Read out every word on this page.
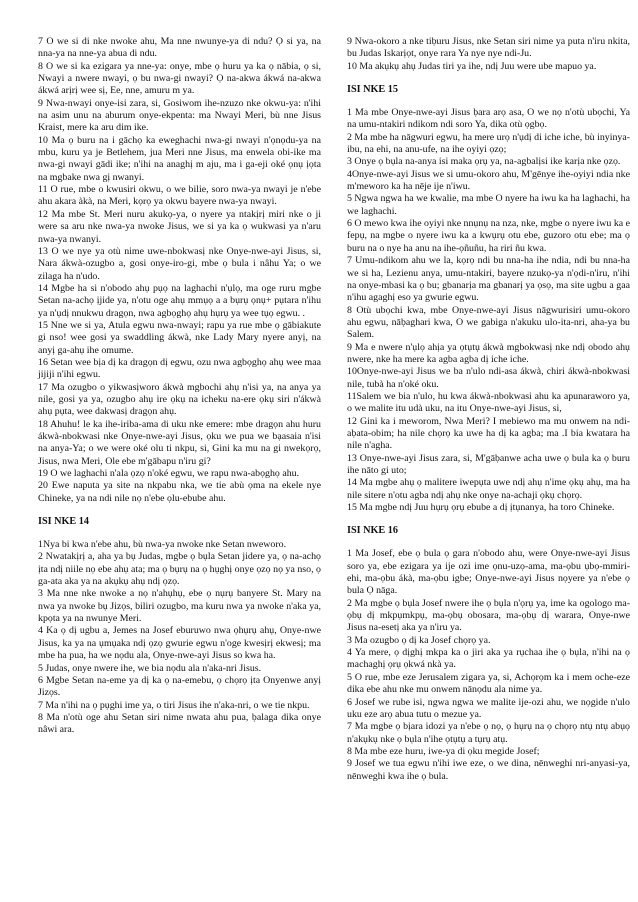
7 O we si di nke nwoke ahu, Ma nne nwunye-ya di ndu? Ọ si ya, na nna-ya na nne-ya abua di ndu.

8 O we si ka ezigara ya nne-ya: onye, mbe ọ huru ya ka ọ nābia, ọ si, Nwayi a nwere nwayi, ọ bu nwa-gi nwayi? Ọ na-akwa ákwá na-akwa ákwá arịrị wee sị, Ee, nne, amuru m ya.

9 Nwa-nwayi onye-isi zara, si, Gosiwom ihe-nzuzo nke okwu-ya: n'ihi na asim unu na aburum onye-ekpenta: ma Nwayi Meri, bù nne Jisus Kraist, mere ka aru dim ike.

10 Ma ọ buru na i gāchọ ka eweghachi nwa-gi nwayi n'ọnọdu-ya na mbu, kuru ya je Betlehem, jua Meri nne Jisus, ma enwela obi-ike ma nwa-gi nwayi gādi ike; n'ihi na anaghị m aju, ma i ga-eji oké ọnụ ịọta na mgbake nwa gị nwanyi.

11 O rue, mbe o kwusiri okwu, o we bilie, soro nwa-ya nwayi je n'ebe ahu akara àkà, na Meri, kọrọ ya okwu bayere nwa-ya nwayi.

12 Ma mbe St. Meri nuru akukọ-ya, o nyere ya ntakịrị miri nke o ji were sa aru nke nwa-ya nwoke Jisus, we si ya ka ọ wukwasi ya n'aru nwa-ya nwanyi.

13 O we nye ya otù nime uwe-nbokwasị nke Onye-nwe-ayi Jisus, si, Nara ákwà-ozugbo a, gosi onye-iro-gi, mbe ọ bula i nâhu Ya; o we zilaga ha n'udo.

14 Mgbe ha si n'obodo ahụ pụọ na laghachi n'ụlọ, ma oge ruru mgbe Setan na-achọ ịjide ya, n'otu oge ahụ mmụọ a a bụrụ ọnụ+ pụtara n'ihu ya n'ụdị nnukwu dragọn, nwa agbọghọ ahụ hụrụ ya wee tụọ egwu. .

15 Nne we si ya, Atula egwu nwa-nwayi; rapu ya rue mbe ọ gābiakute gi nso! wee gosi ya swaddling ákwà, nke Lady Mary nyere anyị, na anyị ga-ahụ ihe omume.

16 Setan wee bịa dị ka dragọn dị egwu, ozu nwa agbọghọ ahụ wee maa jijiji n'ihi egwu.

17 Ma ozugbo o yikwasịworo ákwà mgbochi ahụ n'isi ya, na anya ya nile, gosi ya ya, ozugbo ahụ ire ọkụ na icheku na-ere ọkụ siri n'ákwà ahụ pụta, wee dakwasị dragọn ahụ.

18 Ahuhu! le ka ihe-iriba-ama di uku nke emere: mbe dragọn ahu huru ákwà-nbokwasi nke Onye-nwe-ayi Jisus, ọku we pua we bạasaia n'isi na anya-Ya; o we were oké olu ti nkpu, si, Gini ka mu na gi nwekọrọ, Jisus, nwa Meri, Ole ebe m'gābapu n'iru gi?

19 O we laghachi n'ala ọzọ n'oké egwu, we rapu nwa-abọghọ ahu.

20 Ewe naputa ya site na nkpabu nka, we tie abù ọma na ekele nye Chineke, ya na ndi nile nọ n'ebe ọlu-ebube ahu.

ISI NKE 14

1Nya bi kwa n'ebe ahu, bù nwa-ya nwoke nke Setan nweworo.

2 Nwatakịrị a, aha ya bụ Judas, mgbe ọ bụla Setan jidere ya, ọ na-achọ ịta ndị niile nọ ebe ahụ ata; ma ọ bụrụ na ọ hụghị onye ọzọ nọ ya nso, ọ ga-ata aka ya na akụkụ ahụ ndị ọzọ.

3 Ma nne nke nwoke a nọ n'ahụhụ, ebe ọ nụrụ banyere St. Mary na nwa ya nwoke bụ Jizọs, biliri ozugbo, ma kuru nwa ya nwoke n'aka ya, kpọta ya na nwunye Meri.

4 Ka ọ dị ugbu a, Jemes na Josef eburuwo nwa ọhụrụ ahụ, Onye-nwe Jisus, ka ya na ụmụaka ndị ọzọ gwurie egwu n'oge kwesịrị ekwesị; ma mbe ha pua, ha we nọdu ala, Onye-nwe-ayi Jisus so kwa ha.

5 Judas, onye nwere ihe, we bia nọdu ala n'aka-nri Jisus.

6 Mgbe Setan na-eme ya dị ka ọ na-emebu, ọ chọrọ ịta Onyenwe anyị Jizọs.

7 Ma n'ihi na ọ pụghi ime ya, o tiri Jisus ihe n'aka-nri, o we tie nkpu.

8 Ma n'otù oge ahu Setan siri nime nwata ahu pua, ḅalaga dika onye nâwi ara.

9 Nwa-okoro a nke tiḅuru Jisus, nke Setan siri nime ya puta n'iru nkita, bu Judas Iskarịọt, onye rara Ya nye nye ndi-Ju.

10 Ma akụkụ ahụ Judas tiri ya ihe, ndị Juu were ube mapuo ya.

ISI NKE 15

1 Ma mbe Onye-nwe-ayi Jisus ḅara arọ asa, O we nọ n'otù ubọchi, Ya na umu-ntakiri ndikom ndi soro Ya, dika otù ọgbọ.

2 Ma mbe ha nāgwuri egwu, ha mere urọ n'ụdị di iche iche, bù inyinya-ibu, na ehi, na anu-ufe, na ihe oyiyi ọzọ;

3 Onye ọ bụla na-anya isi maka ọrụ ya, na-agbalịsi ike karịa nke ọzọ.

4Onye-nwe-ayi Jisus we si umu-okoro ahu, M'gēnye ihe-oyiyi ndia nke m'meworo ka ha nēje ije n'iwu.

5 Ngwa ngwa ha we kwalie, ma mbe O nyere ha iwu ka ha laghachi, ha we laghachi.

6 O mewo kwa ihe oyiyi nke nnụnụ na nza, nke, mgbe o nyere iwu ka e fepụ, na mgbe o nyere iwu ka a kwụrụ otu ebe, guzoro otu ebe; ma ọ buru na o nye ha anu na ihe-ọñuñu, ha riri ñu kwa.

7 Umu-ndikom ahu we la, kọrọ ndi bu nna-ha ihe ndia, ndi bu nna-ha we si ha, Lezienu anya, umu-ntakiri, bayere nzukọ-ya n'ọdi-n'iru, n'ihi na onye-mbasi ka ọ bu; gbanarịa ma gbanarị ya ọsọ, ma site ugbu a gaa n'ihu agaghị eso ya gwurie egwu.

8 Otù ubọchi kwa, mbe Onye-nwe-ayi Jisus nāgwurisiri umu-okoro ahu egwu, nāḅaghari kwa, O we gabiga n'akuku ulo-ita-nri, aha-ya bu Salem.

9 Ma e nwere n'ụlọ ahịa ya ọtụtụ ákwà mgbokwasị nke ndị obodo ahụ nwere, nke ha mere ka agba agba dị iche iche.

10Onye-nwe-ayi Jisus we ba n'ulo ndi-asa ákwà, chiri ákwà-nbokwasi nile, tubà ha n'oké oku.

11Salem we bia n'ulo, hu kwa ákwà-nbokwasi ahu ka apunaraworo ya, o we malite itu udà uku, na itu Onye-nwe-ayi Jisus, si,

12 Gini ka i meworom, Nwa Meri? I mebiewo ma mu onwem na ndi-aḅata-obim; ha nile chọrọ ka uwe ha dị ka agba; ma .I bia kwatara ha nile n'agha.

13 Onye-nwe-ayi Jisus zara, si, M'gāḅanwe acha uwe ọ bula ka ọ buru ihe nāto gi uto;

14 Ma mgbe ahụ ọ malitere iwepụta uwe ndị ahụ n'ime ọkụ ahụ, ma ha nile sitere n'otu agba ndị ahụ nke onye na-achaji ọkụ chọrọ.

15 Ma mgbe ndị Juu hụrụ ọrụ ebube a dị ịtụnanya, ha toro Chineke.

ISI NKE 16

1 Ma Josef, ebe ọ bula ọ gara n'obodo ahu, were Onye-nwe-ayi Jisus soro ya, ebe ezigara ya ije ozi ime ọnu-uzọ-ama, ma-ọbu ụbọ-mmiri-ehi, ma-ọbu ákà, ma-ọbu igbe; Onye-nwe-ayi Jisus nọyere ya n'ebe ọ bula Ọ nāga.

2 Ma mgbe ọ bụla Josef nwere ihe ọ bụla n'ọrụ ya, ime ka ogologo ma-ọbụ dị mkpụmkpụ, ma-ọbụ obosara, ma-ọbụ dị warara, Onye-nwe Jisus na-esetị aka ya n'iru ya.

3 Ma ozugbo ọ dị ka Josef chọrọ ya.

4 Ya mere, ọ dịghị mkpa ka o jiri aka ya rụchaa ihe ọ bụla, n'ihi na ọ machaghị ọrụ ọkwá nkà ya.

5 O rue, mbe eze Jerusalem zigara ya, si, Achọrọm ka i mem oche-eze dika ebe ahu nke mu onwem nānọdu ala nime ya.

6 Josef we rube isi, ngwa ngwa we malite ije-ozi ahu, we nọgide n'ulo uku eze arọ abua tutu o mezue ya.

7 Ma mgbe ọ bịara idozi ya n'ebe ọ nọ, ọ hụrụ na ọ chọrọ ntụ ntụ abụọ n'akụkụ nke ọ bụla n'ihe ọtụtụ a tụrụ atụ.

8 Ma mbe eze huru, iwe-ya di ọku megide Josef;

9 Josef we tua egwu n'ihi iwe eze, o we dina, nēnweghi nri-anyasi-ya, nēnweghi kwa ihe ọ bula.
